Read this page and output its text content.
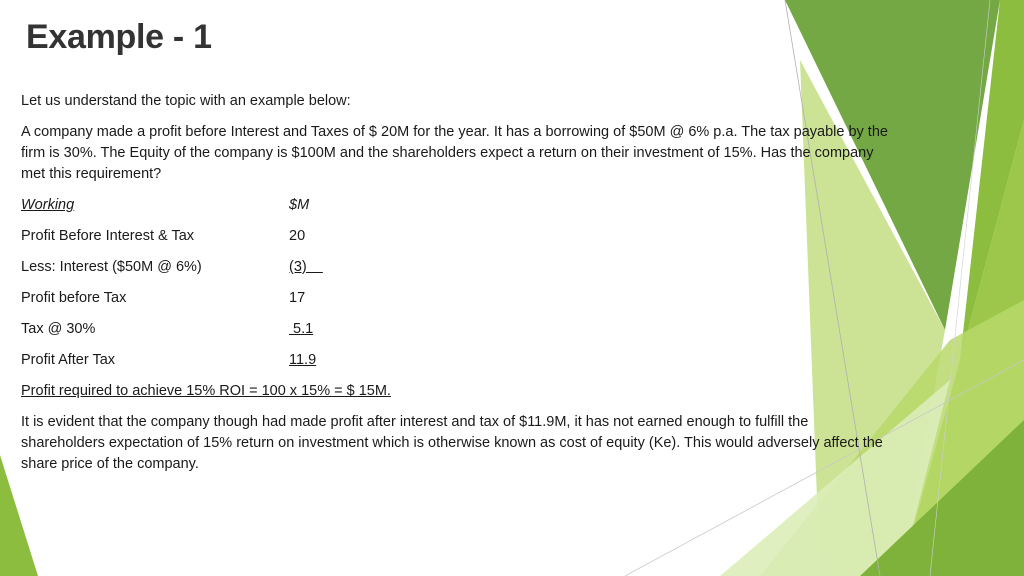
Example - 1

Let us understand the topic with an example below:

A company made a profit before Interest and Taxes of $ 20M for the year. It has a borrowing of $50M @ 6% p.a. The tax payable by the firm is 30%. The Equity of the company is $100M and the shareholders expect a return on their investment of 15%. Has the company met this requirement?

Working	$M
Profit Before Interest & Tax	20
Less: Interest ($50M @ 6%)	(3)
Profit before Tax	17
Tax @ 30%	5.1
Profit After Tax	11.9

Profit required to achieve 15% ROI = 100 x 15% = $ 15M.

It is evident that the company though had made profit after interest and tax of $11.9M, it has not earned enough to fulfill the shareholders expectation of 15% return on investment which is otherwise known as cost of equity (Ke). This would adversely affect the share price of the company.
